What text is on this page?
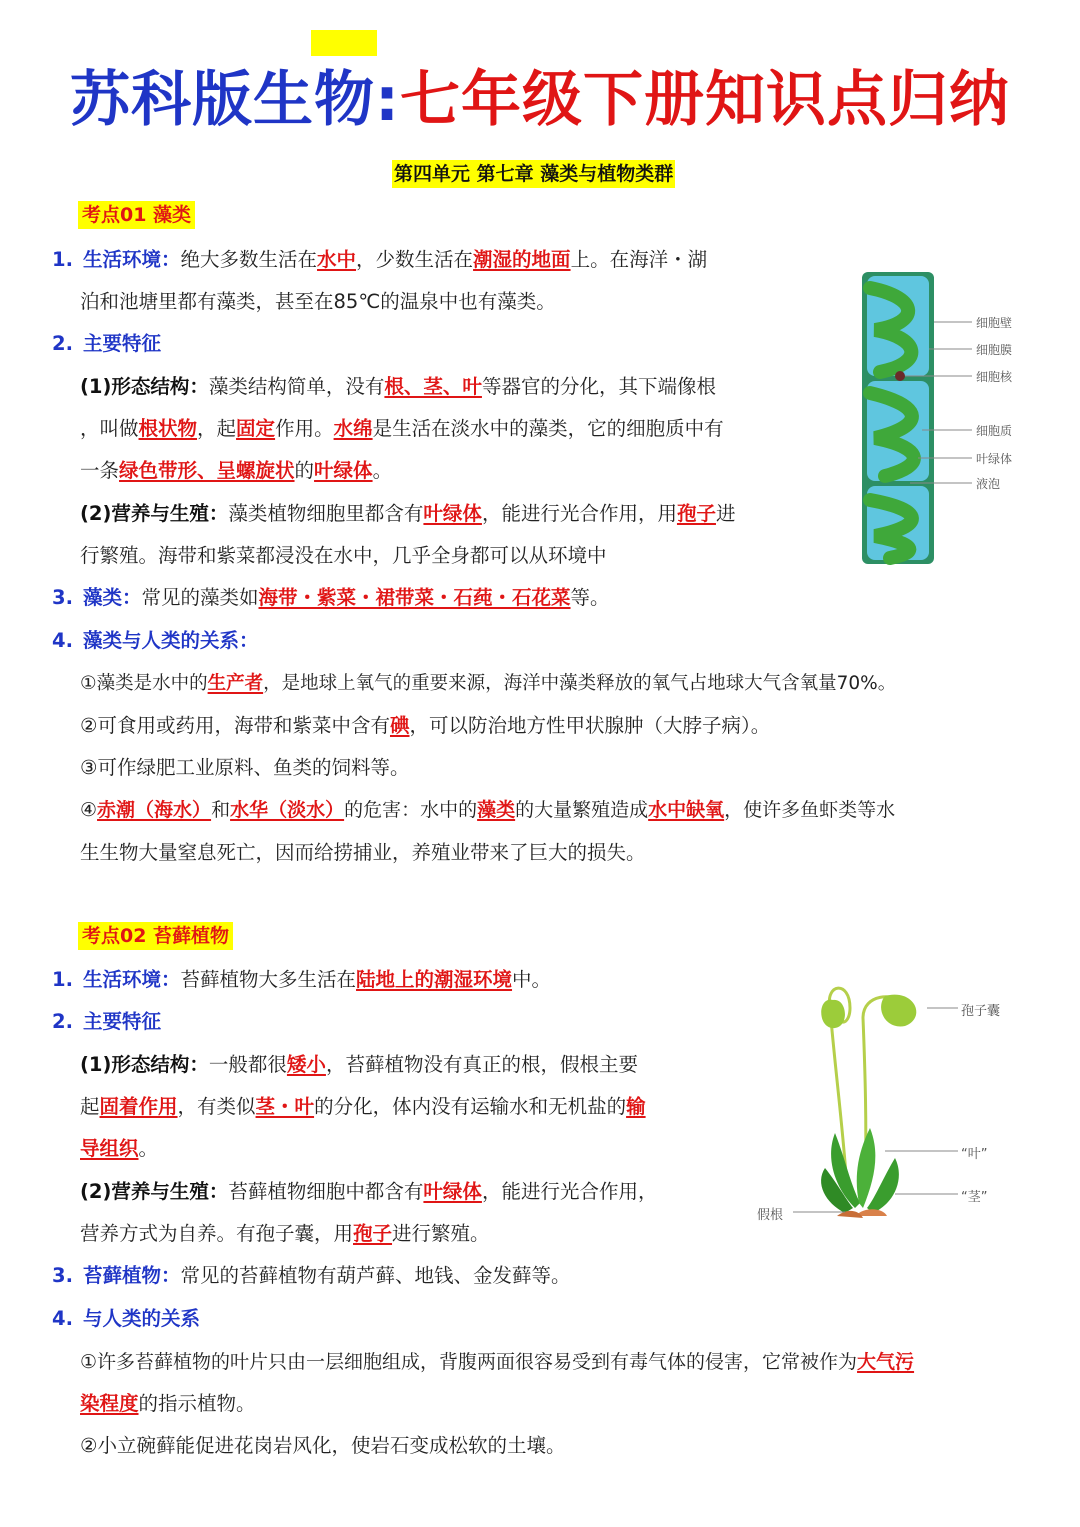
苏科版生物:七年级下册知识点归纳
第四单元 第七章 藻类与植物类群
考点01 藻类
1. 生活环境：绝大多数生活在水中，少数生活在潮湿的地面上。在海洋・湖
泊和池塘里都有藻类，甚至在85℃的温泉中也有藻类。
2. 主要特征
(1)形态结构：藻类结构简单，没有根、茎、叶等器官的分化，其下端像根
，叫做根状物，起固定作用。水绵是生活在淡水中的藻类，它的细胞质中有
一条绿色带形、呈螺旋状的叶绿体。
(2)营养与生殖：藻类植物细胞里都含有叶绿体，能进行光合作用，用孢子进
行繁殖。海带和紫菜都浸没在水中，几乎全身都可以从环境中
3. 藻类：常见的藻类如海带・紫菜・裙带菜・石莼・石花菜等。
4. 藻类与人类的关系：
①藻类是水中的生产者，是地球上氧气的重要来源，海洋中藻类释放的氧气占地球大气含氧量70%。
②可食用或药用，海带和紫菜中含有碘，可以防治地方性甲状腺肿（大脖子病）。
③可作绿肥工业原料、鱼类的饲料等。
④赤潮（海水）和水华（淡水）的危害：水中的藻类的大量繁殖造成水中缺氧，使许多鱼虾类等水
生生物大量窒息死亡，因而给捞捕业，养殖业带来了巨大的损失。
细胞壁
细胞膜
细胞核
细胞质
叶绿体
液泡
考点02 苔藓植物
1. 生活环境：苔藓植物大多生活在陆地上的潮湿环境中。
2. 主要特征
(1)形态结构：一般都很矮小，苔藓植物没有真正的根，假根主要
起固着作用，有类似茎・叶的分化，体内没有运输水和无机盐的输
导组织。
(2)营养与生殖：苔藓植物细胞中都含有叶绿体，能进行光合作用，
营养方式为自养。有孢子囊，用孢子进行繁殖。
3. 苔藓植物：常见的苔藓植物有葫芦藓、地钱、金发藓等。
4. 与人类的关系
①许多苔藓植物的叶片只由一层细胞组成，背腹两面很容易受到有毒气体的侵害，它常被作为大气污
染程度的指示植物。
②小立碗藓能促进花岗岩风化，使岩石变成松软的土壤。
孢子囊
“叶”
“茎”
假根
